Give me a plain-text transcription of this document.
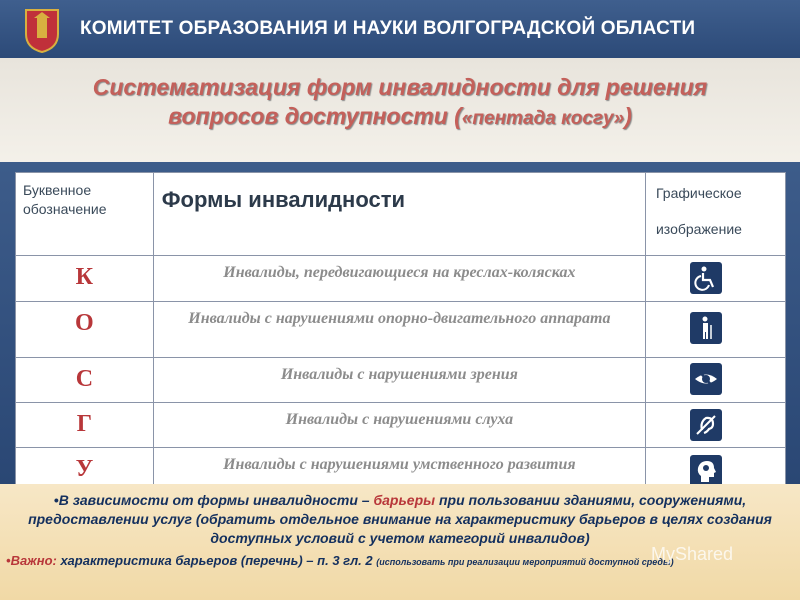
КОМИТЕТ ОБРАЗОВАНИЯ И НАУКИ ВОЛГОГРАДСКОЙ ОБЛАСТИ
Систематизация форм инвалидности для решения
вопросов доступности («пентада косгу»)
Буквенное обозначение	Формы инвалидности	Графическое изображение
К	Инвалиды, передвигающиеся на креслах-колясках	

О	Инвалиды с нарушениями опорно-двигательного аппарата	

С	Инвалиды с нарушениями зрения	

Г	Инвалиды с нарушениями слуха	

У	Инвалиды с нарушениями умственного развития	
•В зависимости от формы инвалидности – барьеры при пользовании зданиями, сооружениями, предоставлении услуг (обратить отдельное внимание на характеристику барьеров в целях создания доступных условий с учетом категорий инвалидов)
•Важно: характеристика барьеров (перечнь) – п. 3 гл. 2 (использовать при реализации мероприятий доступной среды)
MyShared
